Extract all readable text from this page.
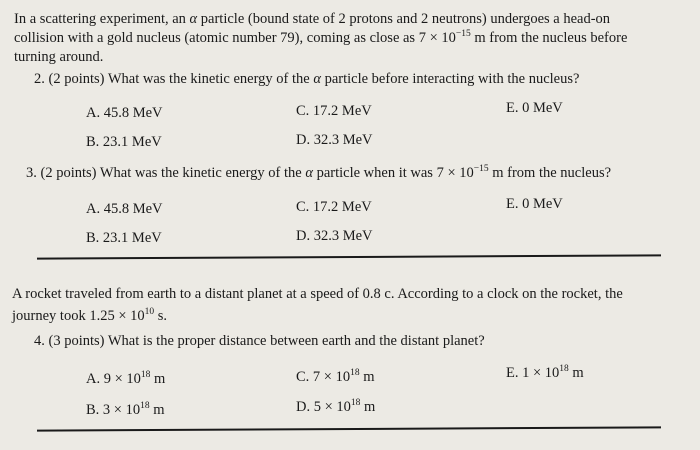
In a scattering experiment, an α particle (bound state of 2 protons and 2 neutrons) undergoes a head-on
collision with a gold nucleus (atomic number 79), coming as close as $7 \times 10^{-15}$ m from the nucleus before
turning around.
2. (2 points) What was the kinetic energy of the α particle before interacting with the nucleus?
A. 45.8 MeV	C. 17.2 MeV	E. 0 MeV
B. 23.1 MeV	D. 32.3 MeV
3. (2 points) What was the kinetic energy of the α particle when it was $7 \times 10^{-15}$ m from the nucleus?
A. 45.8 MeV	C. 17.2 MeV	E. 0 MeV
B. 23.1 MeV	D. 32.3 MeV
A rocket traveled from earth to a distant planet at a speed of 0.8 c. According to a clock on the rocket, the
journey took $1.25 \times 10^{10}$ s.
4. (3 points) What is the proper distance between earth and the distant planet?
A. $9 \times 10^{18}$ m	C. $7 \times 10^{18}$ m	E. $1 \times 10^{18}$ m
B. $3 \times 10^{18}$ m	D. $5 \times 10^{18}$ m
